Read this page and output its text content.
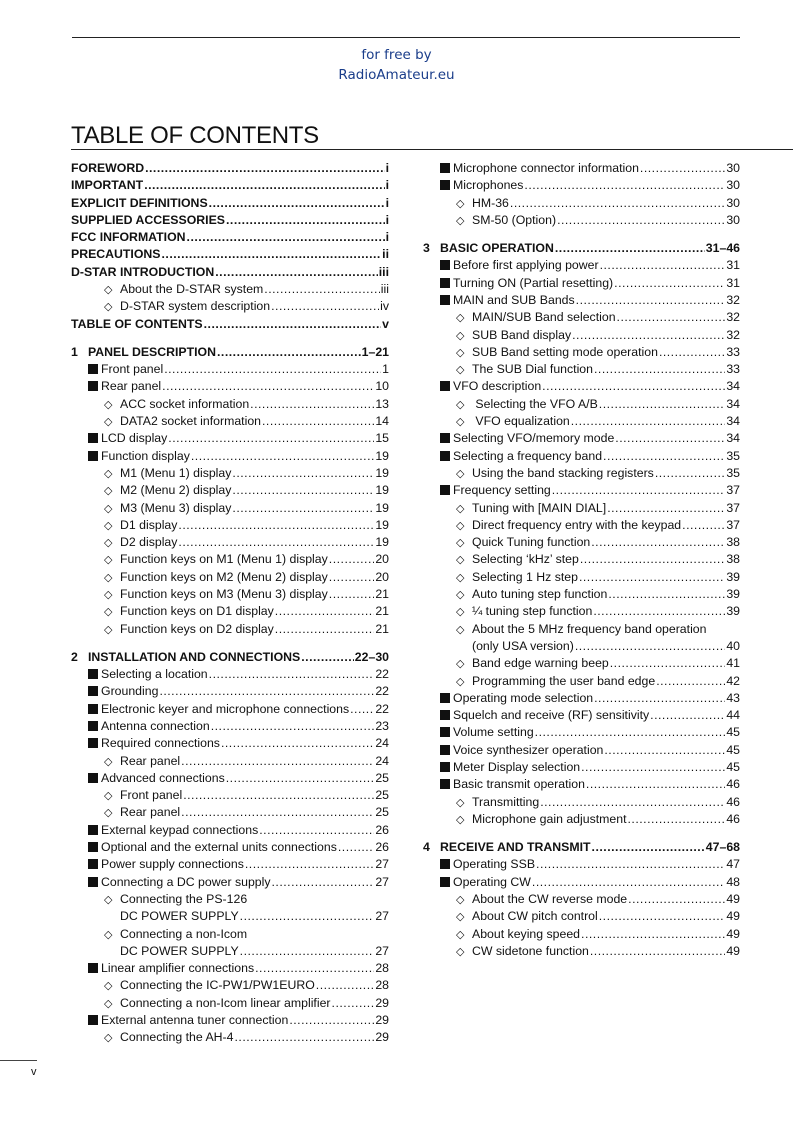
for free by
RadioAmateur.eu
TABLE OF CONTENTS
FOREWORD .....	i
IMPORTANT .....	i
EXPLICIT DEFINITIONS .....	i
SUPPLIED ACCESSORIES .....	i
FCC INFORMATION .....	i
PRECAUTIONS .....	ii
D-STAR INTRODUCTION .....	iii
◇ About the D-STAR system .....	iii
◇ D-STAR system description .....	iv
TABLE OF CONTENTS .....	v
1 PANEL DESCRIPTION .....	1–21
Front panel .....	1
Rear panel .....	10
◇ ACC socket information .....	13
◇ DATA2 socket information .....	14
LCD display .....	15
Function display .....	19
◇ M1 (Menu 1) display .....	19
◇ M2 (Menu 2) display .....	19
◇ M3 (Menu 3) display .....	19
◇ D1 display .....	19
◇ D2 display .....	19
◇ Function keys on M1 (Menu 1) display .....	20
◇ Function keys on M2 (Menu 2) display .....	20
◇ Function keys on M3 (Menu 3) display .....	21
◇ Function keys on D1 display .....	21
◇ Function keys on D2 display .....	21
2 INSTALLATION AND CONNECTIONS .....	22–30
Selecting a location .....	22
Grounding .....	22
Electronic keyer and microphone connections ..... 22
Antenna connection .....	23
Required connections .....	24
◇ Rear panel .....	24
Advanced connections .....	25
◇ Front panel .....	25
◇ Rear panel .....	25
External keypad connections .....	26
Optional and the external units connections .....	26
Power supply connections .....	27
Connecting a DC power supply .....	27
◇ Connecting the PS-126
DC POWER SUPPLY .....	27
◇ Connecting a non-Icom
DC POWER SUPPLY .....	27
Linear amplifier connections .....	28
◇ Connecting the IC-PW1/PW1EURO .....	28
◇ Connecting a non-Icom linear amplifier .....	29
External antenna tuner connection .....	29
◇ Connecting the AH-4 .....	29
Microphone connector information .....	30
Microphones .....	30
◇ HM-36 .....	30
◇ SM-50 (Option) .....	30
3 BASIC OPERATION .....	31–46
Before first applying power .....	31
Turning ON (Partial resetting) .....	31
MAIN and SUB Bands .....	32
◇ MAIN/SUB Band selection .....	32
◇ SUB Band display .....	32
◇ SUB Band setting mode operation .....	33
◇ The SUB Dial function .....	33
VFO description .....	34
◇ Selecting the VFO A/B .....	34
◇ VFO equalization .....	34
Selecting VFO/memory mode .....	34
Selecting a frequency band .....	35
◇ Using the band stacking registers .....	35
Frequency setting .....	37
◇ Tuning with [MAIN DIAL] .....	37
◇ Direct frequency entry with the keypad .....	37
◇ Quick Tuning function .....	38
◇ Selecting ‘kHz’ step .....	38
◇ Selecting 1 Hz step .....	39
◇ Auto tuning step function .....	39
◇ ¼ tuning step function .....	39
◇ About the 5 MHz frequency band operation
(only USA version) .....	40
◇ Band edge warning beep .....	41
◇ Programming the user band edge .....	42
Operating mode selection .....	43
Squelch and receive (RF) sensitivity .....	44
Volume setting .....	45
Voice synthesizer operation .....	45
Meter Display selection .....	45
Basic transmit operation .....	46
◇ Transmitting .....	46
◇ Microphone gain adjustment .....	46
4 RECEIVE AND TRANSMIT .....	47–68
Operating SSB .....	47
Operating CW .....	48
◇ About the CW reverse mode .....	49
◇ About CW pitch control .....	49
◇ About keying speed .....	49
◇ CW sidetone function .....	49
v
